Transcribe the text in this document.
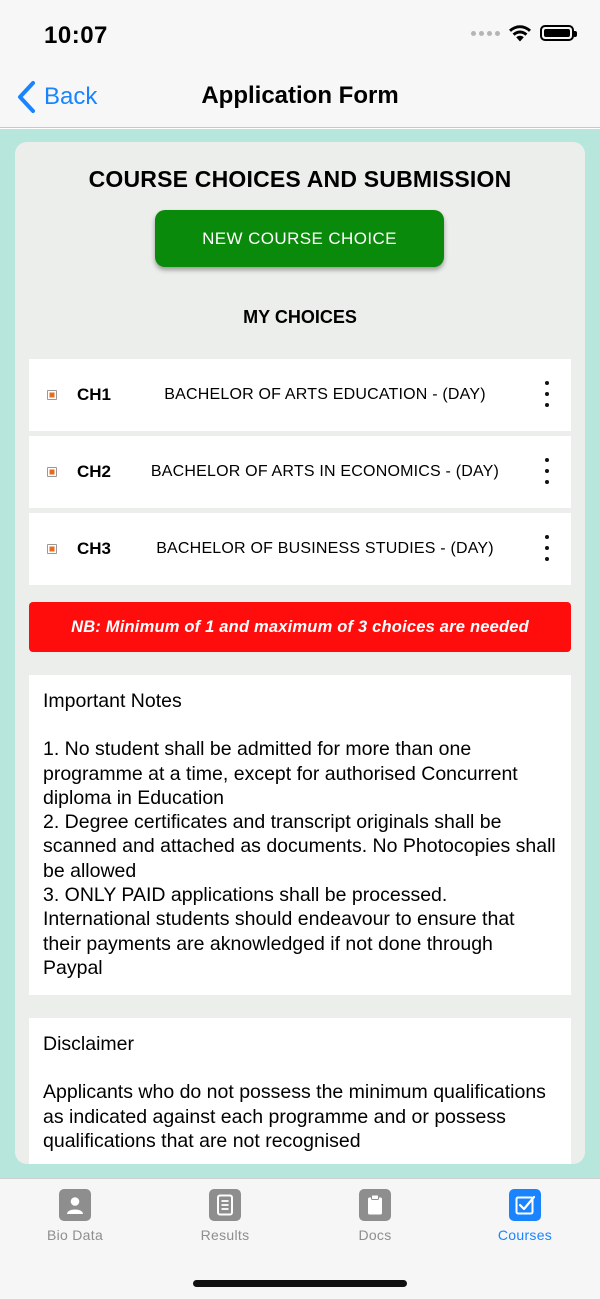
10:07
Back	Application Form
COURSE CHOICES AND SUBMISSION
NEW COURSE CHOICE
MY CHOICES
CH1	BACHELOR OF ARTS EDUCATION - (DAY)
CH2	BACHELOR OF ARTS IN ECONOMICS - (DAY)
CH3	BACHELOR OF BUSINESS STUDIES - (DAY)
NB: Minimum of 1 and maximum of 3 choices are needed
Important Notes
1. No student shall be admitted for more than one programme at a time, except for authorised Concurrent diploma in Education
2. Degree certificates and transcript originals shall be scanned and attached as documents. No Photocopies shall be allowed
3. ONLY PAID applications shall be processed. International students should endeavour to ensure that their payments are aknowledged if not done through Paypal
Disclaimer
Applicants who do not possess the minimum qualifications as indicated against each programme and or possess qualifications that are not recognised
Bio Data	Results	Docs	Courses
